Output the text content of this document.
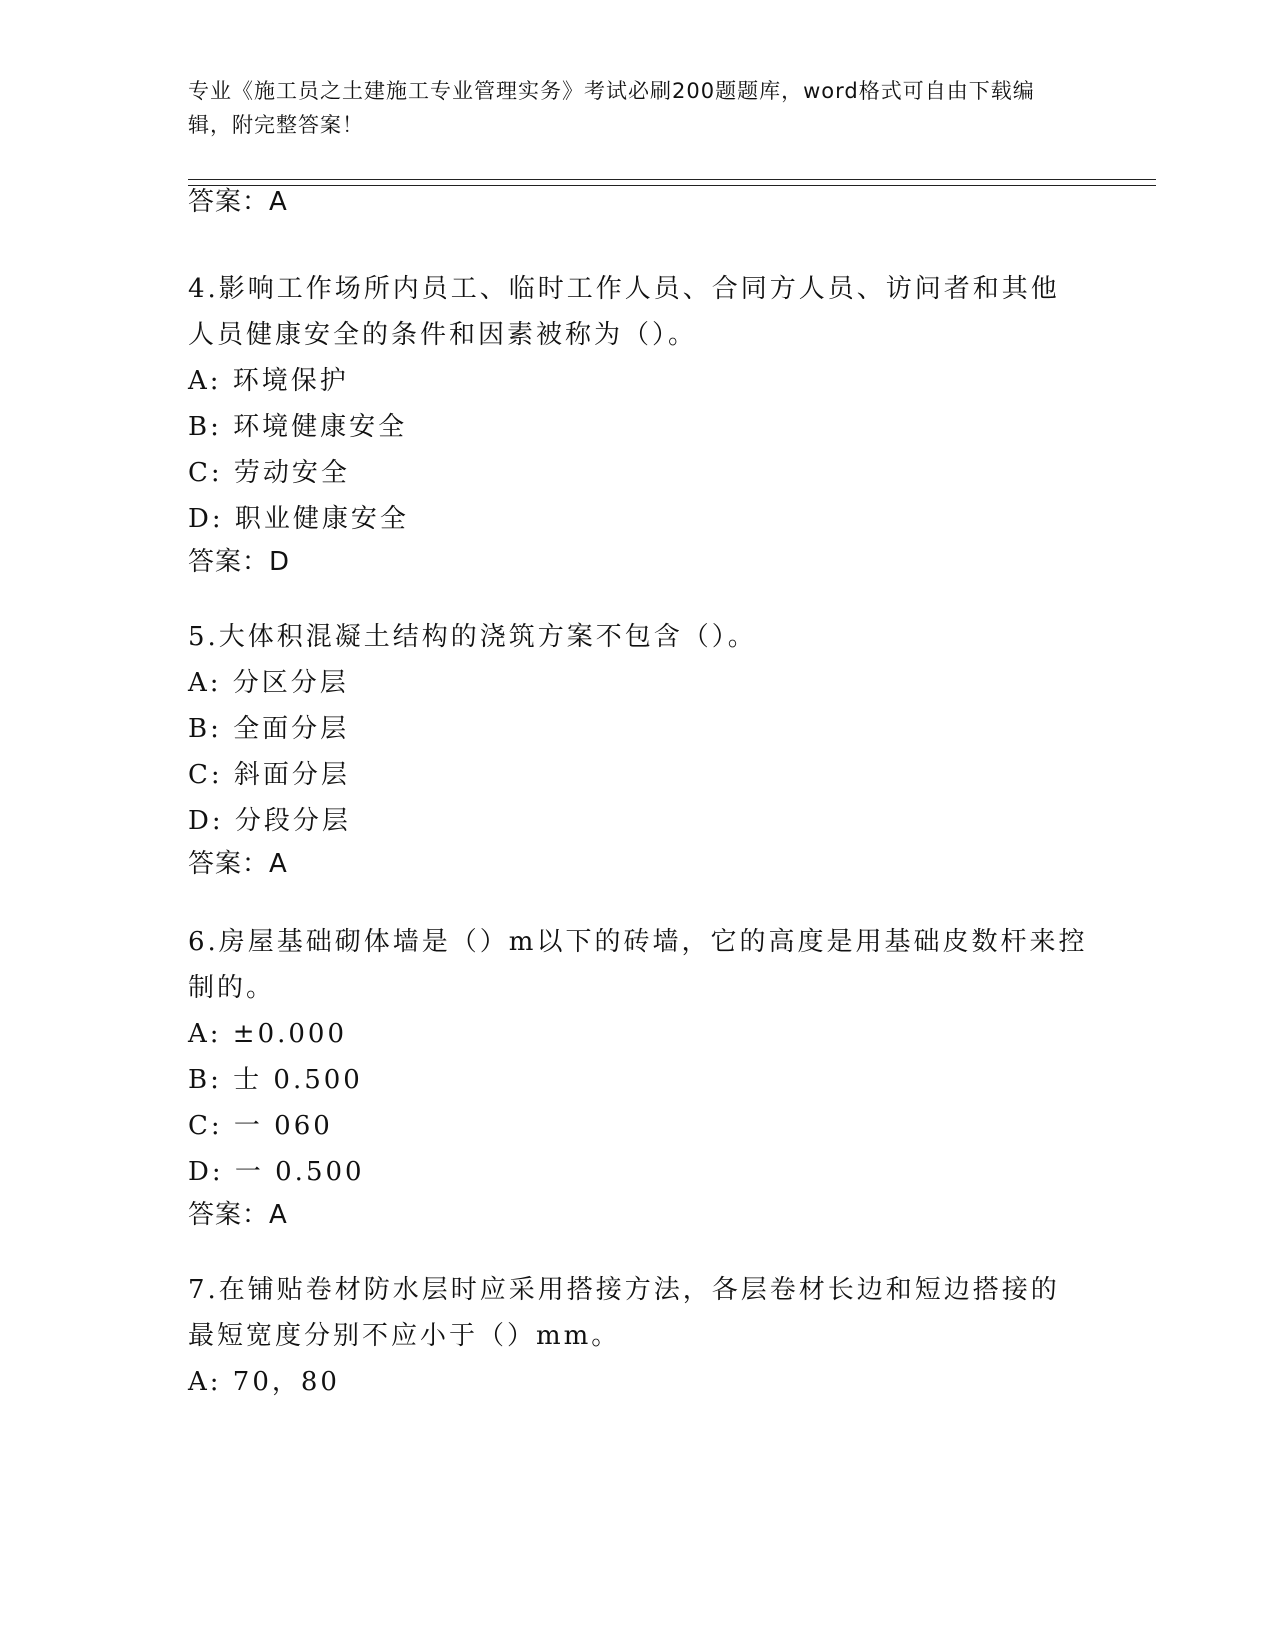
专业《施工员之土建施工专业管理实务》考试必刷200题题库，word格式可自由下载编辑，附完整答案！
答案：A
4.影响工作场所内员工、临时工作人员、合同方人员、访问者和其他人员健康安全的条件和因素被称为（）。
A: 环境保护
B: 环境健康安全
C: 劳动安全
D: 职业健康安全
答案：D
5.大体积混凝土结构的浇筑方案不包含（）。
A: 分区分层
B: 全面分层
C: 斜面分层
D: 分段分层
答案：A
6.房屋基础砌体墙是（）m以下的砖墙，它的高度是用基础皮数杆来控制的。
A: ±0.000
B: 士 0.500
C: 一 060
D: 一 0.500
答案：A
7.在铺贴卷材防水层时应采用搭接方法，各层卷材长边和短边搭接的最短宽度分别不应小于（）mm。
A: 70，80
